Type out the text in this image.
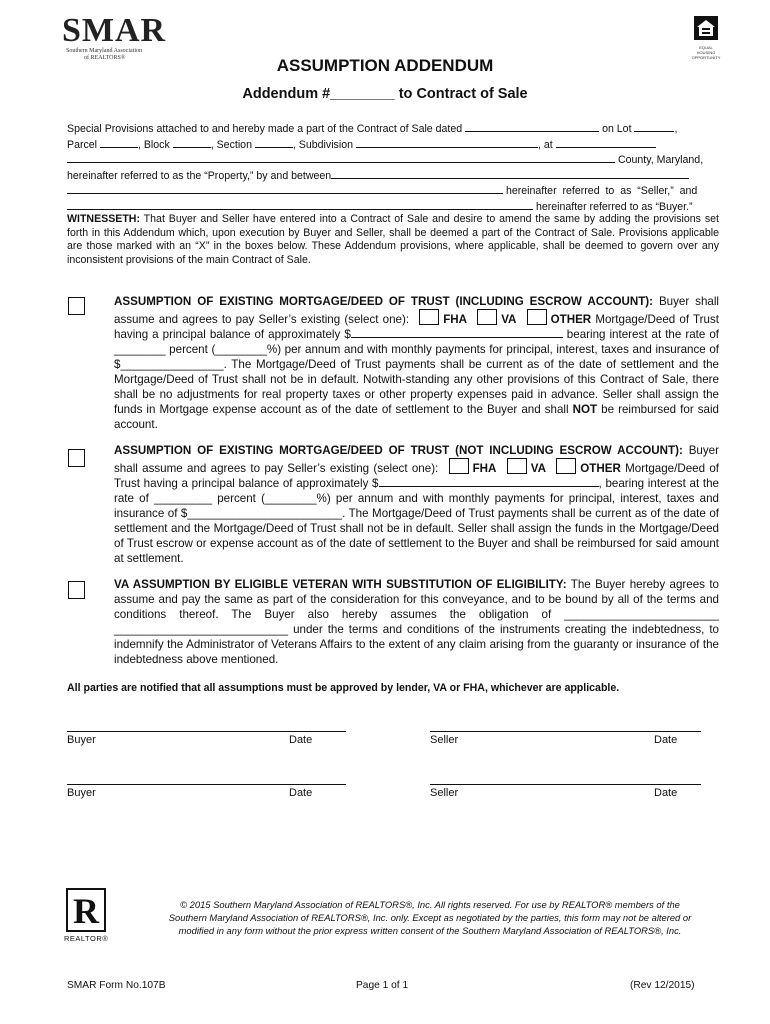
SMAR
Southern Maryland Association
of REALTORS®
EQUAL HOUSING
OPPORTUNITY
ASSUMPTION ADDENDUM
Addendum #________ to Contract of Sale
Special Provisions attached to and hereby made a part of the Contract of Sale dated	on Lot	,
Parcel	, Block	, Section	, Subdivision	, at
County, Maryland,
hereinafter referred to as the “Property,” by and between
hereinafter  referred  to  as  “Seller,”  and
hereinafter referred to as “Buyer.”
WITNESSETH: That Buyer and Seller have entered into a Contract of Sale and desire to amend the same by adding the provisions set forth in this Addendum which, upon execution by Buyer and Seller, shall be deemed a part of the Contract of Sale. Provisions applicable are those marked with an “X” in the boxes below. These Addendum provisions, where applicable, shall be deemed to govern over any inconsistent provisions of the main Contract of Sale.
ASSUMPTION OF EXISTING MORTGAGE/DEED OF TRUST (INCLUDING ESCROW ACCOUNT): Buyer shall assume and agrees to pay Seller’s existing (select one):	FHA	VA	OTHER Mortgage/Deed of Trust having a principal balance of approximately $	bearing interest at the rate of ________ percent (________%) per annum and with monthly payments for principal, interest, taxes and insurance of $________________. The Mortgage/Deed of Trust payments shall be current as of the date of settlement and the Mortgage/Deed of Trust shall not be in default. Notwith-standing any other provisions of this Contract of Sale, there shall be no adjustments for real property taxes or other property expenses paid in advance. Seller shall assign the funds in Mortgage expense account as of the date of settlement to the Buyer and shall NOT be reimbursed for said account.
ASSUMPTION OF EXISTING MORTGAGE/DEED OF TRUST (NOT INCLUDING ESCROW ACCOUNT): Buyer shall assume and agrees to pay Seller’s existing (select one):	FHA	VA	OTHER Mortgage/Deed of Trust having a principal balance of approximately $	, bearing interest at the rate of _________ percent (________%) per annum and with monthly payments for principal, interest, taxes and insurance of $________________________. The Mortgage/Deed of Trust payments shall be current as of the date of settlement and the Mortgage/Deed of Trust shall not be in default. Seller shall assign the funds in the Mortgage/Deed of Trust escrow or expense account as of the date of settlement to the Buyer and shall be reimbursed for said amount at settlement.
VA ASSUMPTION BY ELIGIBLE VETERAN WITH SUBSTITUTION OF ELIGIBILITY: The Buyer hereby agrees to assume and pay the same as part of the consideration for this conveyance, and to be bound by all of the terms and conditions thereof. The Buyer also hereby assumes the obligation of ________________________ ___________________________ under the terms and conditions of the instruments creating the indebtedness, to indemnify the Administrator of Veterans Affairs to the extent of any claim arising from the guaranty or insurance of the indebtedness above mentioned.
All parties are notified that all assumptions must be approved by lender, VA or FHA, whichever are applicable.
Buyer	Date	Seller	Date
Buyer	Date	Seller	Date
R
REALTOR®
© 2015 Southern Maryland Association of REALTORS®, Inc. All rights reserved. For use by REALTOR® members of the
Southern Maryland Association of REALTORS®, Inc. only. Except as negotiated by the parties, this form may not be altered or
modified in any form without the prior express written consent of the Southern Maryland Association of REALTORS®, Inc.
SMAR Form No.107B	Page 1 of 1	(Rev 12/2015)
